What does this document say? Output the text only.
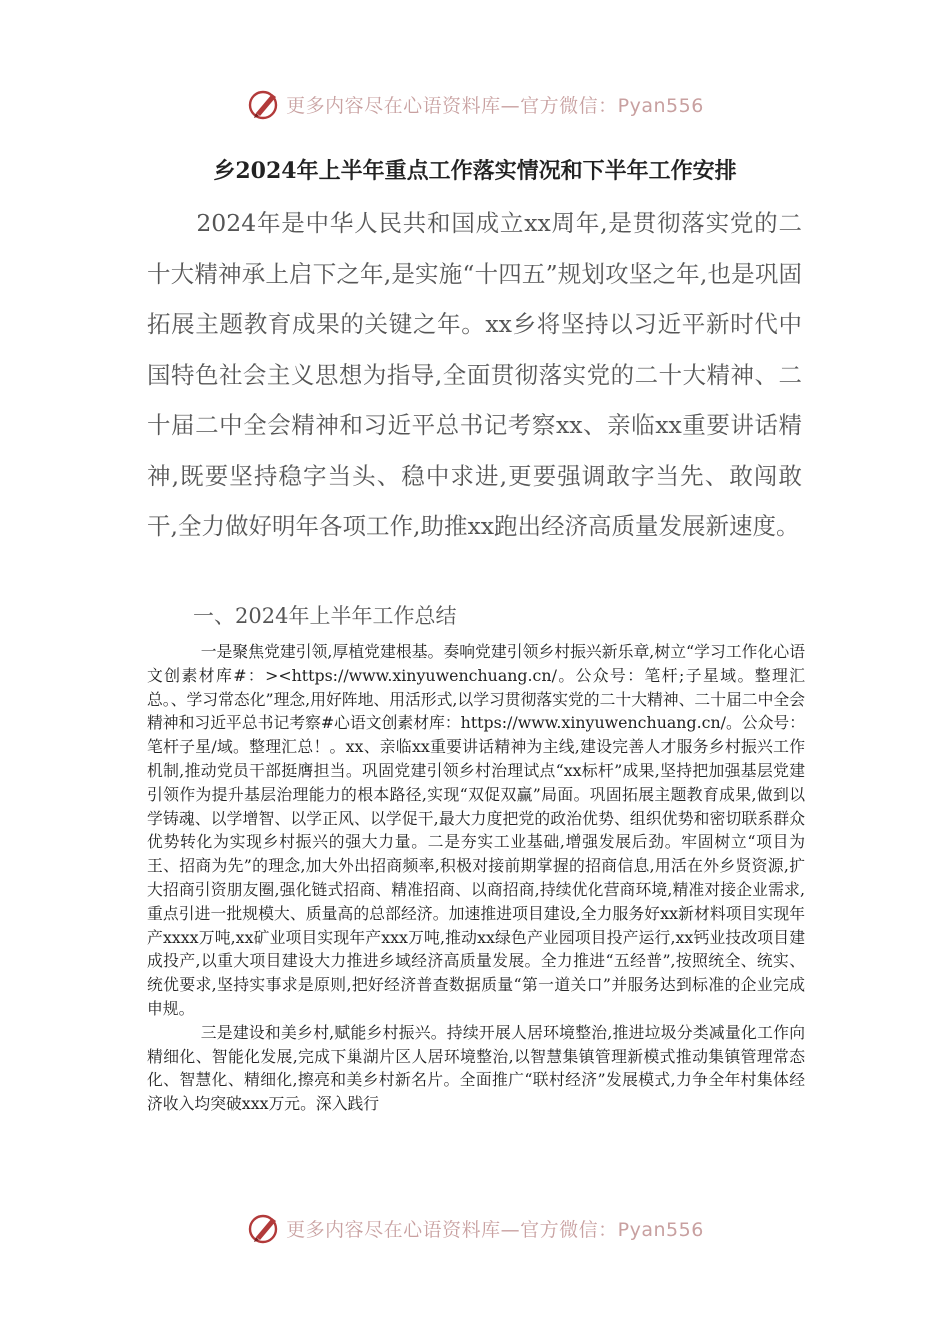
更多内容尽在心语资料库—官方微信：Pyan556
乡2024年上半年重点工作落实情况和下半年工作安排

2024年是中华人民共和国成立xx周年,是贯彻落实党的二十大精神承上启下之年,是实施“十四五”规划攻坚之年,也是巩固拓展主题教育成果的关键之年。xx乡将坚持以习近平新时代中国特色社会主义思想为指导,全面贯彻落实党的二十大精神、二十届二中全会精神和习近平总书记考察xx、亲临xx重要讲话精神,既要坚持稳字当头、稳中求进,更要强调敢字当先、敢闯敢干,全力做好明年各项工作,助推xx跑出经济高质量发展新速度。

一、2024年上半年工作总结

一是聚焦党建引领,厚植党建根基。奏响党建引领乡村振兴新乐章,树立“学习工作化心语文创素材库#：><https://www.xinyuwenchuang.cn/。公众号：笔杆;子星域。整理汇总。、学习常态化”理念,用好阵地、用活形式,以学习贯彻落实党的二十大精神、二十届二中全会精神和习近平总书记考察#心语文创素材库：https://www.xinyuwenchuang.cn/。公众号：笔杆子星/域。整理汇总！。xx、亲临xx重要讲话精神为主线,建设完善人才服务乡村振兴工作机制,推动党员干部挺膺担当。巩固党建引领乡村治理试点“xx标杆”成果,坚持把加强基层党建引领作为提升基层治理能力的根本路径,实现“双促双赢”局面。巩固拓展主题教育成果,做到以学铸魂、以学增智、以学正风、以学促干,最大力度把党的政治优势、组织优势和密切联系群众优势转化为实现乡村振兴的强大力量。二是夯实工业基础,增强发展后劲。牢固树立“项目为王、招商为先”的理念,加大外出招商频率,积极对接前期掌握的招商信息,用活在外乡贤资源,扩大招商引资朋友圈,强化链式招商、精准招商、以商招商,持续优化营商环境,精准对接企业需求,重点引进一批规模大、质量高的总部经济。加速推进项目建设,全力服务好xx新材料项目实现年产xxxx万吨,xx矿业项目实现年产xxx万吨,推动xx绿色产业园项目投产运行,xx钙业技改项目建成投产,以重大项目建设大力推进乡域经济高质量发展。全力推进“五经普”,按照统全、统实、统优要求,坚持实事求是原则,把好经济普查数据质量“第一道关口”并服务达到标准的企业完成申规。

三是建设和美乡村,赋能乡村振兴。持续开展人居环境整治,推进垃圾分类减量化工作向精细化、智能化发展,完成下巢湖片区人居环境整治,以智慧集镇管理新模式推动集镇管理常态化、智慧化、精细化,擦亮和美乡村新名片。全面推广“联村经济”发展模式,力争全年村集体经济收入均突破xxx万元。深入践行

更多内容尽在心语资料库—官方微信：Pyan556
